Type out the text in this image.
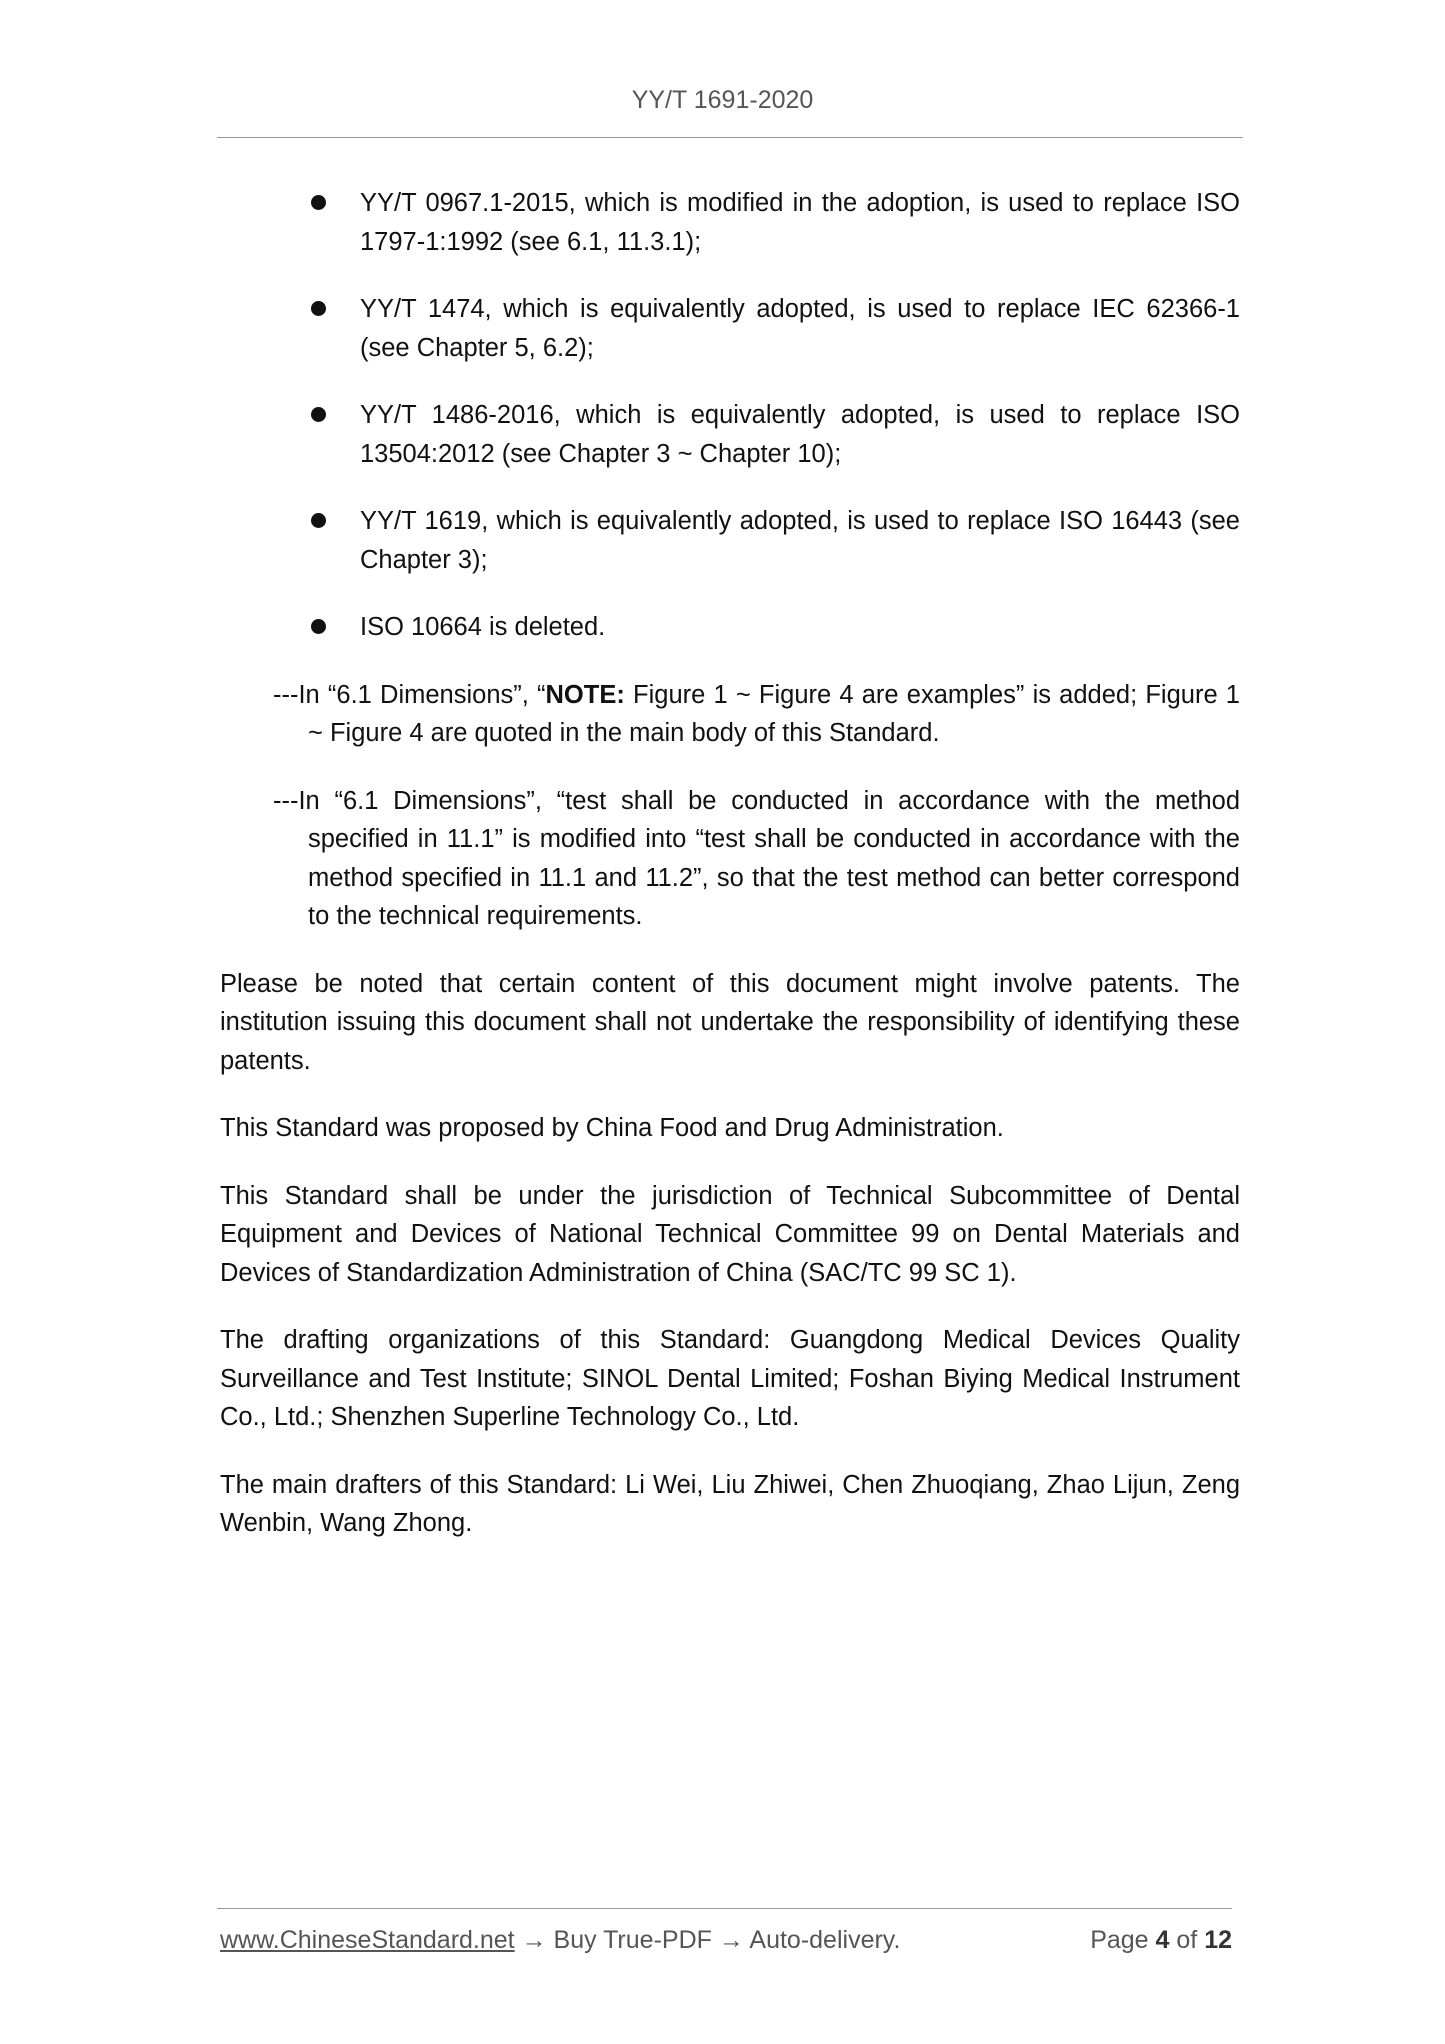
YY/T 1691-2020
YY/T 0967.1-2015, which is modified in the adoption, is used to replace ISO 1797-1:1992 (see 6.1, 11.3.1);
YY/T 1474, which is equivalently adopted, is used to replace IEC 62366-1 (see Chapter 5, 6.2);
YY/T 1486-2016, which is equivalently adopted, is used to replace ISO 13504:2012 (see Chapter 3 ~ Chapter 10);
YY/T 1619, which is equivalently adopted, is used to replace ISO 16443 (see Chapter 3);
ISO 10664 is deleted.

---In “6.1 Dimensions”, “NOTE: Figure 1 ~ Figure 4 are examples” is added; Figure 1 ~ Figure 4 are quoted in the main body of this Standard.

---In “6.1 Dimensions”, “test shall be conducted in accordance with the method specified in 11.1” is modified into “test shall be conducted in accordance with the method specified in 11.1 and 11.2”, so that the test method can better correspond to the technical requirements.

Please be noted that certain content of this document might involve patents. The institution issuing this document shall not undertake the responsibility of identifying these patents.

This Standard was proposed by China Food and Drug Administration.

This Standard shall be under the jurisdiction of Technical Subcommittee of Dental Equipment and Devices of National Technical Committee 99 on Dental Materials and Devices of Standardization Administration of China (SAC/TC 99 SC 1).

The drafting organizations of this Standard: Guangdong Medical Devices Quality Surveillance and Test Institute; SINOL Dental Limited; Foshan Biying Medical Instrument Co., Ltd.; Shenzhen Superline Technology Co., Ltd.

The main drafters of this Standard: Li Wei, Liu Zhiwei, Chen Zhuoqiang, Zhao Lijun, Zeng Wenbin, Wang Zhong.

www.ChineseStandard.net → Buy True-PDF → Auto-delivery.	Page 4 of 12
